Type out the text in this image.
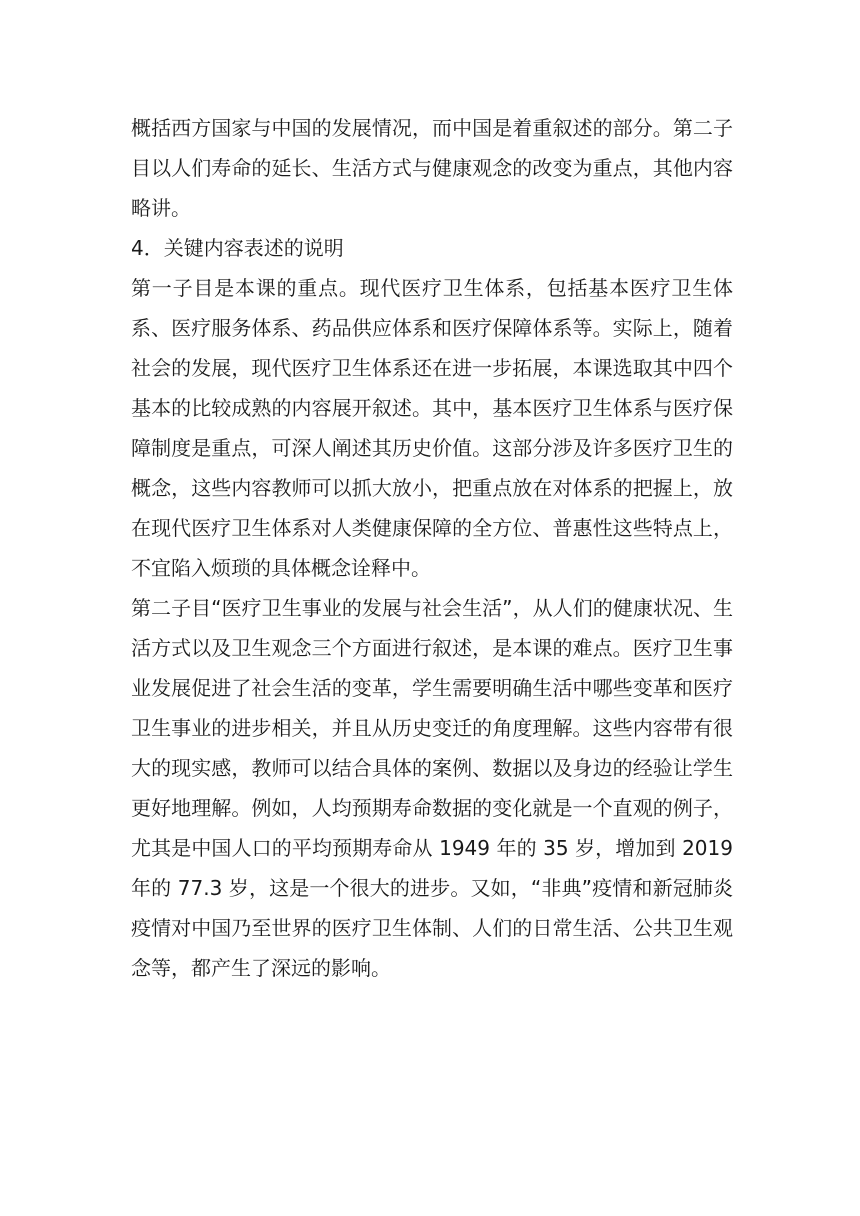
概括西方国家与中国的发展情况，而中国是着重叙述的部分。第二子目以人们寿命的延长、生活方式与健康观念的改变为重点，其他内容略讲。

4．关键内容表述的说明

第一子目是本课的重点。现代医疗卫生体系，包括基本医疗卫生体系、医疗服务体系、药品供应体系和医疗保障体系等。实际上，随着社会的发展，现代医疗卫生体系还在进一步拓展，本课选取其中四个基本的比较成熟的内容展开叙述。其中，基本医疗卫生体系与医疗保障制度是重点，可深人阐述其历史价值。这部分涉及许多医疗卫生的概念，这些内容教师可以抓大放小，把重点放在对体系的把握上，放在现代医疗卫生体系对人类健康保障的全方位、普惠性这些特点上，不宜陷入烦琐的具体概念诠释中。

第二子目“医疗卫生事业的发展与社会生活”，从人们的健康状况、生活方式以及卫生观念三个方面进行叙述，是本课的难点。医疗卫生事业发展促进了社会生活的变革，学生需要明确生活中哪些变革和医疗卫生事业的进步相关，并且从历史变迁的角度理解。这些内容带有很大的现实感，教师可以结合具体的案例、数据以及身边的经验让学生更好地理解。例如，人均预期寿命数据的变化就是一个直观的例子，尤其是中国人口的平均预期寿命从 1949 年的 35 岁，增加到 2019 年的 77.3 岁，这是一个很大的进步。又如，“非典”疫情和新冠肺炎疫情对中国乃至世界的医疗卫生体制、人们的日常生活、公共卫生观念等，都产生了深远的影响。
